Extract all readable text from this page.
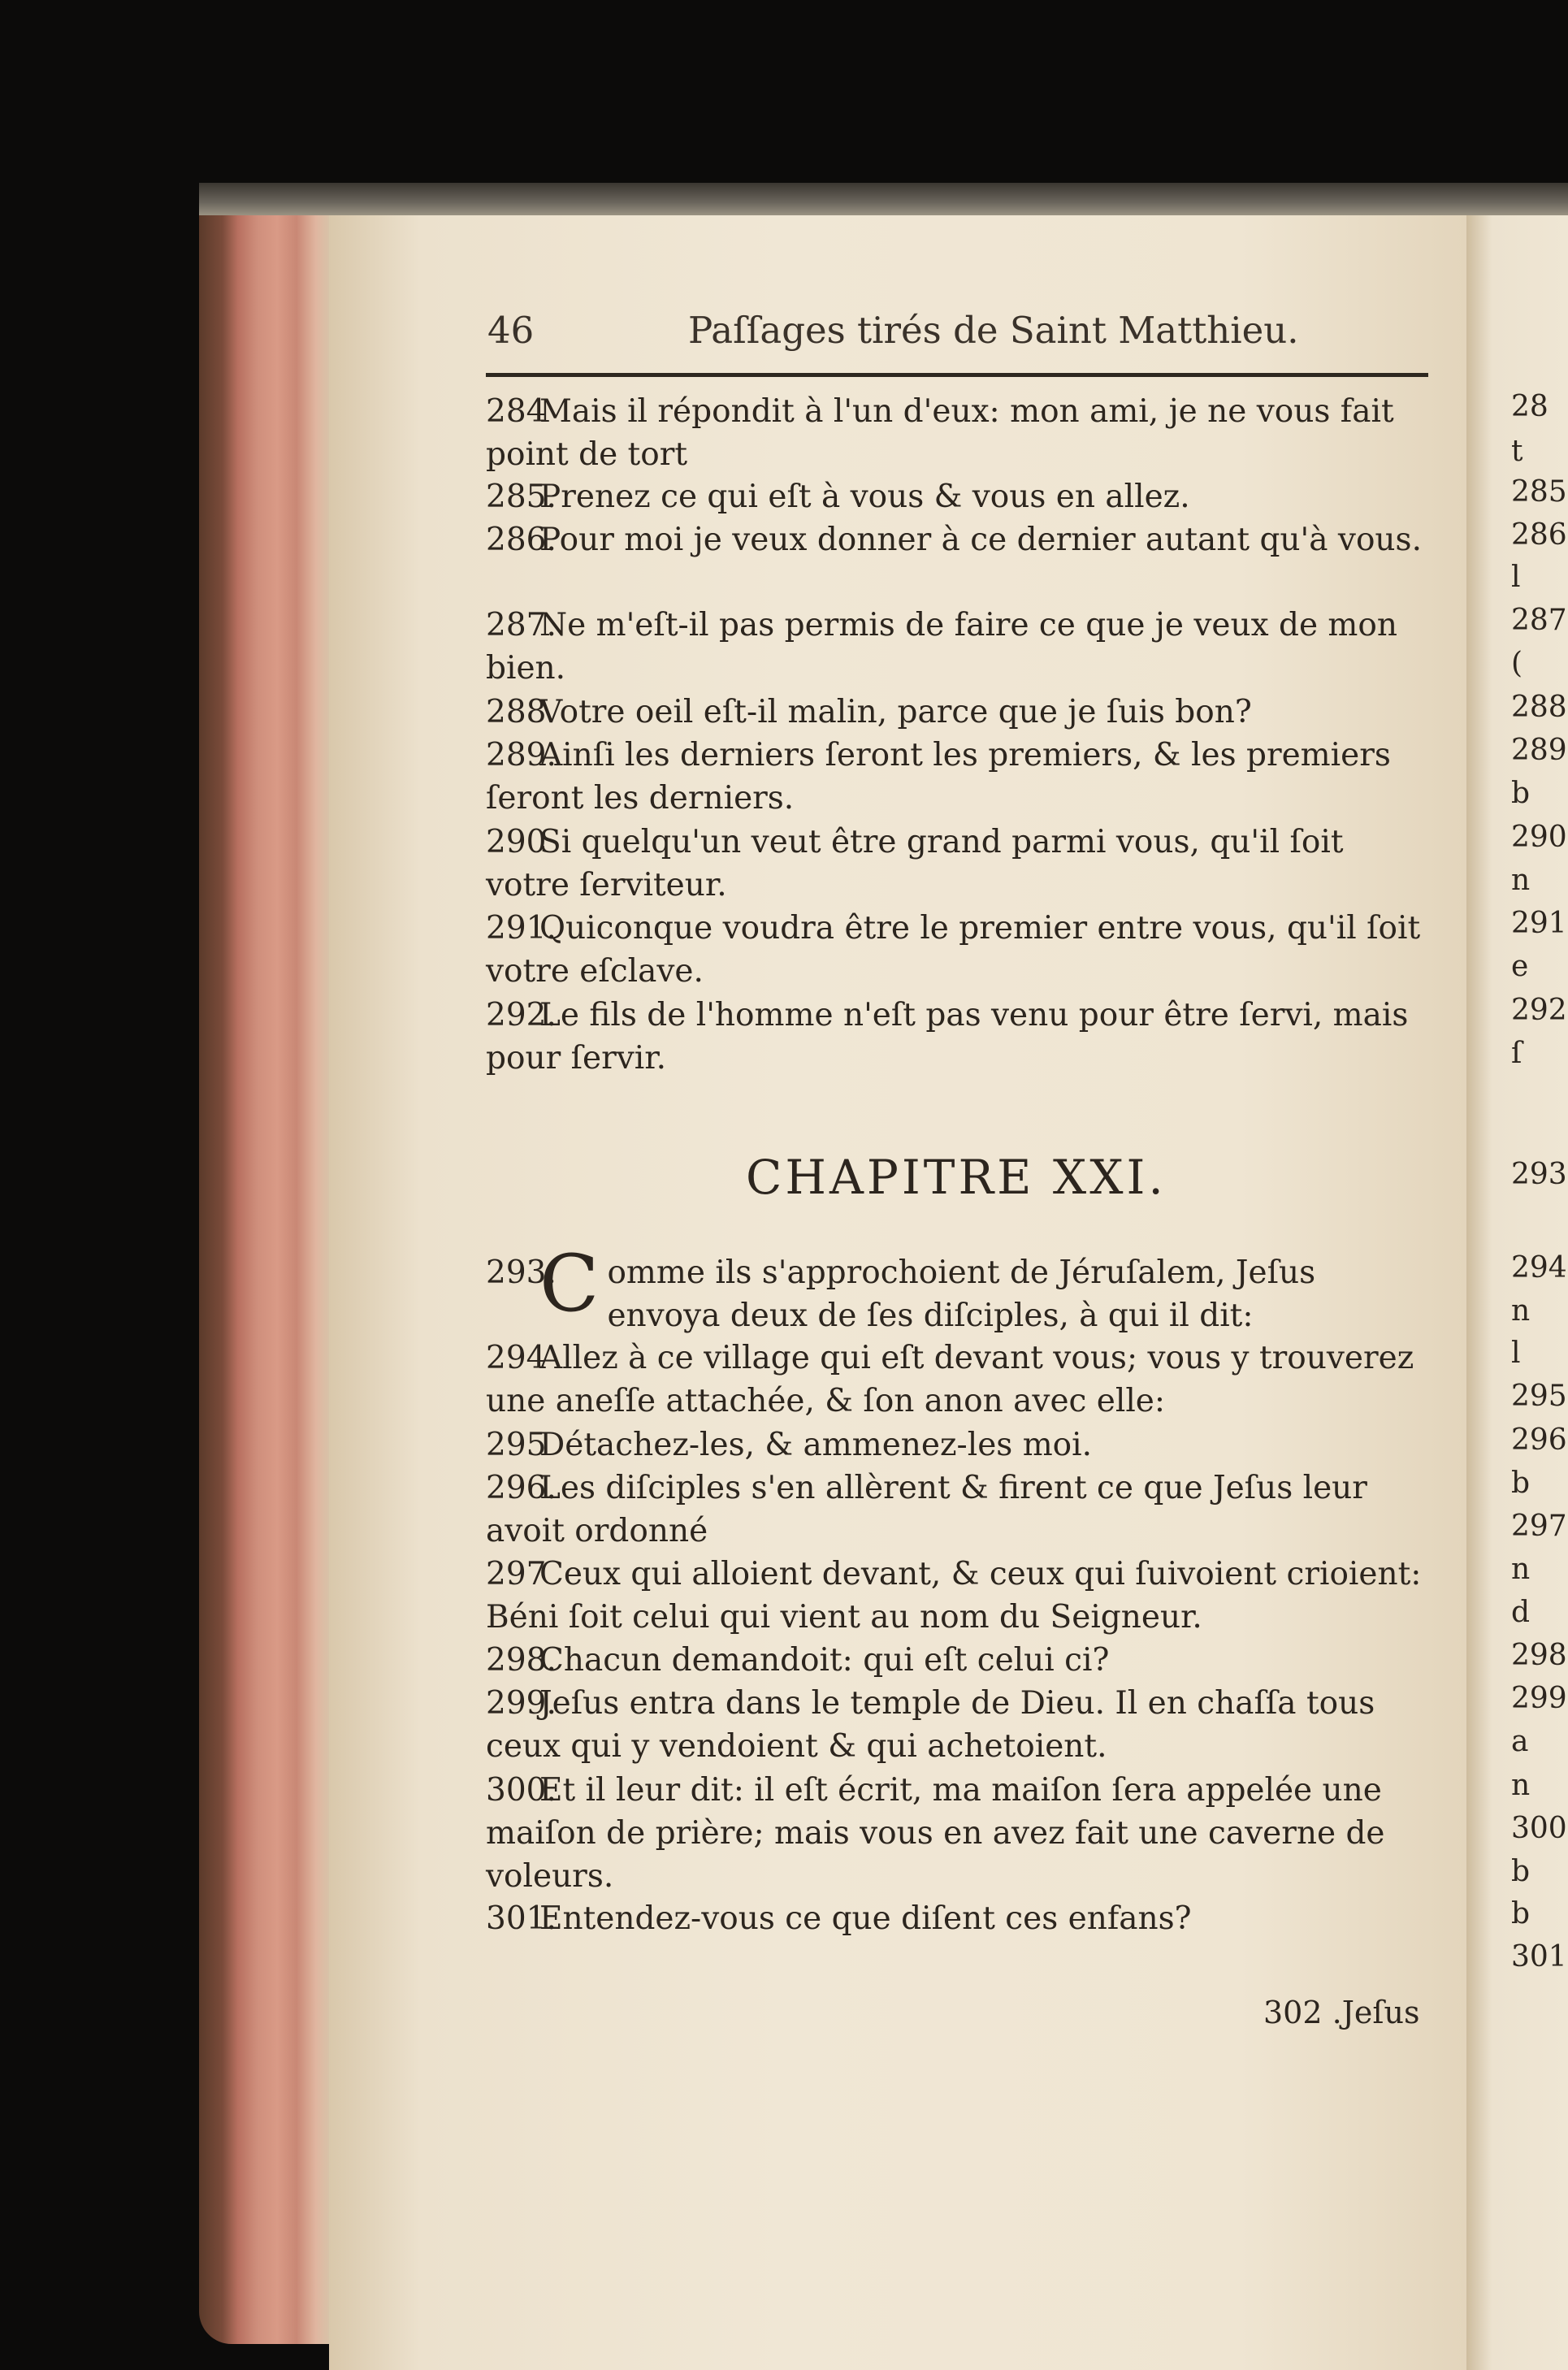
46	Paſſages tirés de Saint Matthieu.
284Mais il répondit à l'un d'eux: mon ami, je ne vous fait point de tort
285.Prenez ce qui eſt à vous & vous en allez.
286.Pour moi je veux donner à ce dernier autant qu'à vous.
287.Ne m'eſt-il pas permis de faire ce que je veux de mon bien.
288Votre oeil eſt-il malin, parce que je ſuis bon?
289.Ainſi les derniers ſeront les premiers, & les premiers ſeront les derniers.
290Si quelqu'un veut être grand parmi vous, qu'il ſoit votre ſerviteur.
291.Quiconque voudra être le premier entre vous, qu'il ſoit votre eſclave.
292.Le fils de l'homme n'eſt pas venu pour être ſervi, mais pour ſervir.
CHAPITRE XXI.
293.
C omme ils s'approchoient de Jéruſalem, Jeſus envoya deux de ſes diſciples, à qui il dit:
294Allez à ce village qui eſt devant vous; vous y trouverez une aneſſe attachée, & ſon anon avec elle:
295Détachez-les, & ammenez-les moi.
296.Les diſciples s'en allèrent & firent ce que Jeſus leur avoit ordonné
297Ceux qui alloient devant, & ceux qui ſuivoient crioient: Béni ſoit celui qui vient au nom du Seigneur.
298.Chacun demandoit: qui eſt celui ci?
299.Jeſus entra dans le temple de Dieu. Il en chaſſa tous ceux qui y vendoient & qui achetoient.
300.Et il leur dit: il eſt écrit, ma maiſon ſera appelée une maiſon de prière; mais vous en avez fait une caverne de voleurs.
301.Entendez-vous ce que diſent ces enfans?
302 .Jeſus
28
t
285
286
l
287
(
288
289
b
290
n
291
e
292
ſ
293
294
n
l
295
296
b
297
n
d
298
299
a
n
300
b
b
301
